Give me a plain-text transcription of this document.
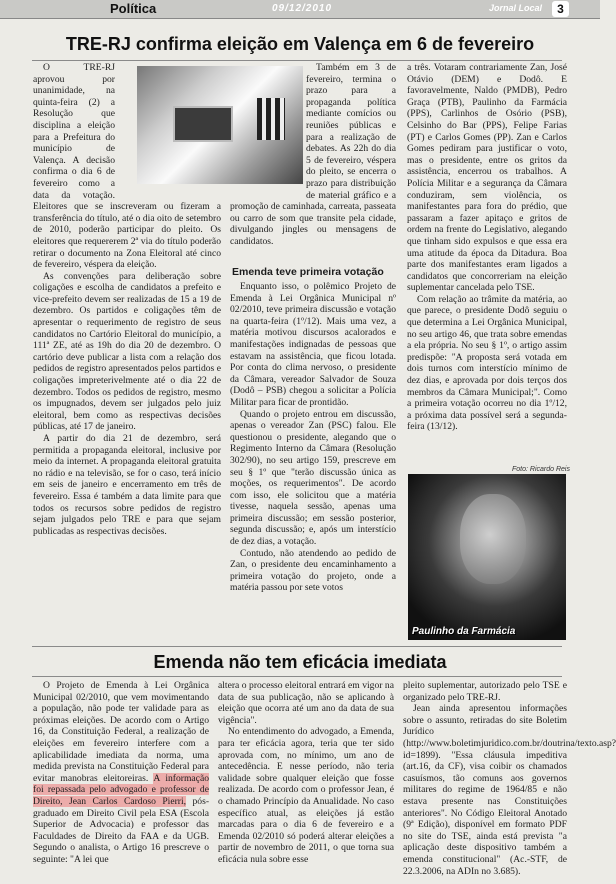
Política	09/12/2010	Jornal Local	3
TRE-RJ confirma eleição em Valença em 6 de fevereiro

O TRE-RJ aprovou por unanimidade, na quinta-feira (2) a Resolução que disciplina a eleição para a Prefeitura do município de Valença. A decisão confirma o dia 6 de fevereiro como a data da votação. Eleitores que se inscreveram ou fizeram a transferência do título, até o dia oito de setembro de 2010, poderão participar do pleito. Os eleitores que requererem 2ª via do título poderão retirar o documento na Zona Eleitoral até cinco de fevereiro, véspera da eleição.

As convenções para deliberação sobre coligações e escolha de candidatos a prefeito e vice-prefeito devem ser realizadas de 15 a 19 de dezembro. Os partidos e coligações têm de apresentar o requerimento de registro de seus candidatos no Cartório Eleitoral do município, a 111ª ZE, até as 19h do dia 20 de dezembro. O cartório deve publicar a lista com a relação dos pedidos de registro apresentados pelos partidos e coligações impreterivelmente até o dia 22 de dezembro. Todos os pedidos de registro, mesmo os impugnados, devem ser julgados pelo juiz eleitoral, bem como as respectivas decisões públicas, até 17 de janeiro.

A partir do dia 21 de dezembro, será permitida a propaganda eleitoral, inclusive por meio da internet. A propaganda eleitoral gratuita no rádio e na televisão, se for o caso, terá início em seis de janeiro e encerramento em três de fevereiro. Essa é também a data limite para que todos os recursos sobre pedidos de registro sejam julgados pelo TRE e para que sejam publicadas as respectivas decisões.

Também em 3 de fevereiro, termina o prazo para a propaganda política mediante comícios ou reuniões públicas e para a realização de debates. As 22h do dia 5 de fevereiro, véspera do pleito, se encerra o prazo para distribuição de material gráfico e a promoção de caminhada, carreata, passeata ou carro de som que transite pela cidade, divulgando jingles ou mensagens de candidatos.

Emenda teve primeira votação

Enquanto isso, o polêmico Projeto de Emenda à Lei Orgânica Municipal nº 02/2010, teve primeira discussão e votação na quarta-feira (1º/12). Mais uma vez, a matéria motivou discursos acalorados e manifestações indignadas de pessoas que estavam na assistência, que ficou lotada. Por conta do clima nervoso, o presidente da Câmara, vereador Salvador de Souza (Dodô – PSB) chegou a solicitar a Polícia Militar para ficar de prontidão.

Quando o projeto entrou em discussão, apenas o vereador Zan (PSC) falou. Ele questionou o presidente, alegando que o Regimento Interno da Câmara (Resolução 302/90), no seu artigo 159, prescreve em seu § 1º que "terão discussão única as moções, os requerimentos". De acordo com isso, ele solicitou que a matéria tivesse, naquela sessão, apenas uma primeira discussão; em sessão posterior, segunda discussão; e, após um interstício de dez dias, a votação.

Contudo, não atendendo ao pedido de Zan, o presidente deu encaminhamento a primeira votação do projeto, onde a matéria passou por sete votos

a três. Votaram contrariamente Zan, José Otávio (DEM) e Dodô. E favoravelmente, Naldo (PMDB), Pedro Graça (PTB), Paulinho da Farmácia (PPS), Carlinhos de Osório (PSB), Celsinho do Bar (PPS), Felipe Farias (PT) e Carlos Gomes (PP). Zan e Carlos Gomes pediram para justificar o voto, mas o presidente, entre os gritos da assistência, encerrou os trabalhos. A Polícia Militar e a segurança da Câmara conduziram, sem violência, os manifestantes para fora do prédio, que passaram a fazer apitaço e gritos de ordem na frente do Legislativo, alegando que tinham sido expulsos e que essa era uma atitude da época da Ditadura. Boa parte dos manifestantes eram ligados a candidatos que concorreriam na eleição suplementar cancelada pelo TSE.

Com relação ao trâmite da matéria, ao que parece, o presidente Dodô seguiu o que determina a Lei Orgânica Municipal, no seu artigo 46, que trata sobre emendas a ela própria. No seu § 1º, o artigo assim predispõe: "A proposta será votada em dois turnos com interstício mínimo de dez dias, e aprovada por dois terços dos membros da Câmara Municipal;". Como a primeira votação ocorreu no dia 1º/12, a próxima data possível será a segunda-feira (13/12).

Foto: Ricardo Reis
Paulinho da Farmácia
Emenda não tem eficácia imediata

O Projeto de Emenda à Lei Orgânica Municipal 02/2010, que vem movimentando a população, não pode ter validade para as próximas eleições. De acordo com o Artigo 16, da Constituição Federal, a realização de eleições em fevereiro interfere com a aplicabilidade imediata da norma, uma medida prevista na Constituição Federal para evitar manobras eleitoreiras. A informação foi repassada pelo advogado e professor de Direito, Jean Carlos Cardoso Pierri, pós-graduado em Direito Civil pela ESA (Escola Superior de Advocacia) e professor das Faculdades de Direito da FAA e da UGB. Segundo o analista, o Artigo 16 prescreve o seguinte: "A lei que

altera o processo eleitoral entrará em vigor na data de sua publicação, não se aplicando à eleição que ocorra até um ano da data de sua vigência".

No entendimento do advogado, a Emenda, para ter eficácia agora, teria que ter sido aprovada com, no mínimo, um ano de antecedência. E nesse período, não teria validade sobre qualquer eleição que fosse realizada. De acordo com o professor Jean, é o chamado Princípio da Anualidade. No caso específico atual, as eleições já estão marcadas para o dia 6 de fevereiro e a Emenda 02/2010 só poderá alterar eleições a partir de novembro de 2011, o que torna sua eficácia nula sobre esse

pleito suplementar, autorizado pelo TSE e organizado pelo TRE-RJ.

Jean ainda apresentou informações sobre o assunto, retiradas do site Boletim Jurídico (http://www.boletimjuridico.com.br/doutrina/texto.asp?id=1899). "Essa cláusula impeditiva (art.16, da CF), visa coibir os chamados casuísmos, tão comuns aos governos militares do regime de 1964/85 e não estava presente nas Constituições anteriores". No Código Eleitoral Anotado (9ª Edição), disponível em formato PDF no site do TSE, ainda está prevista "a aplicação deste dispositivo também a emenda constitucional" (Ac.-STF, de 22.3.2006, na ADIn no 3.685).
